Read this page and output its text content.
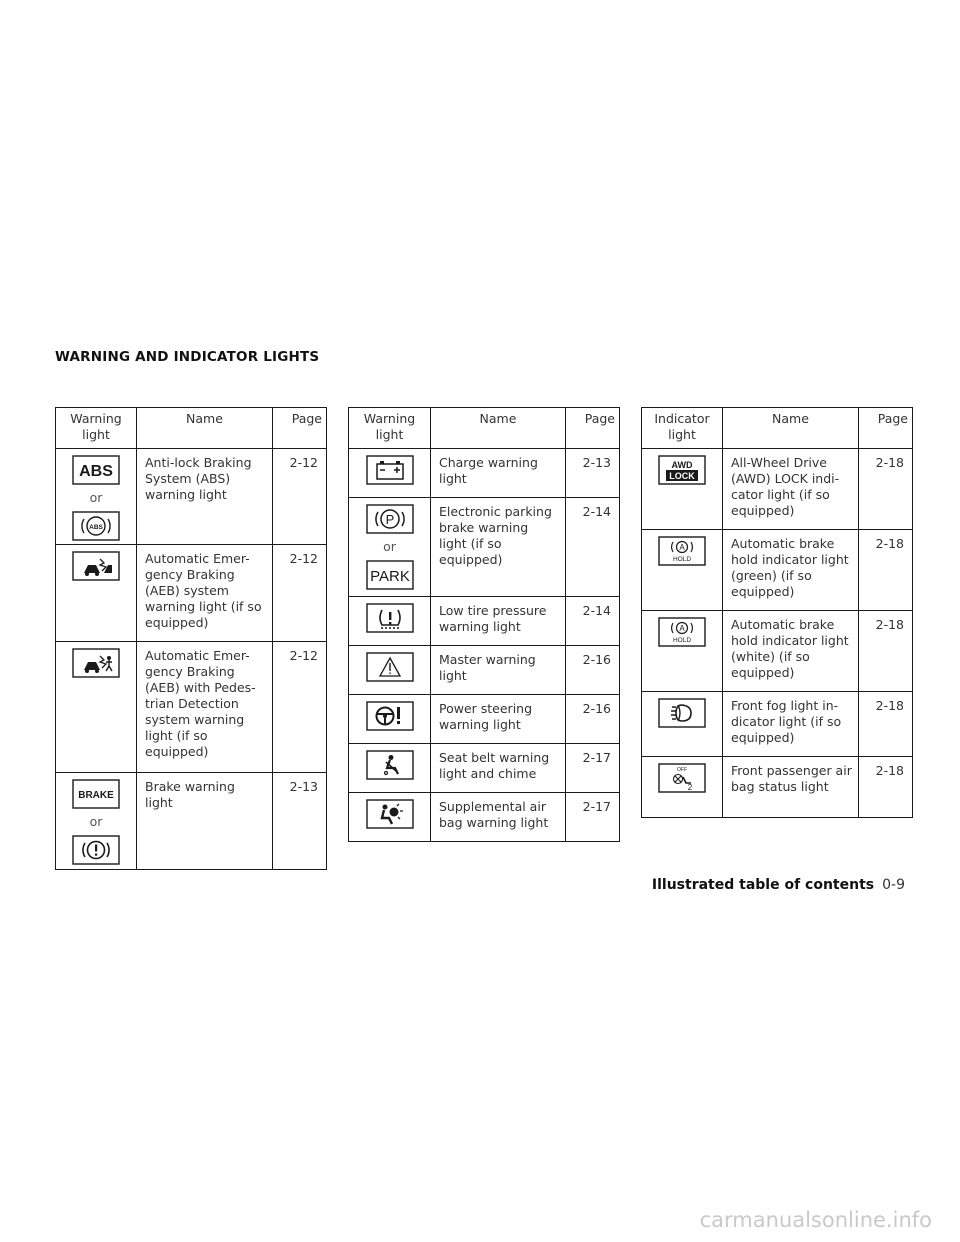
WARNING AND INDICATOR LIGHTS
Warning light	Name	Page

ABS
or
ABS	Anti-lock Braking System (ABS) warning light	2-12

	Automatic Emer- gency Braking (AEB) system warning light (if so equipped)	2-12

	Automatic Emer- gency Braking (AEB) with Pedes- trian Detection system warning light (if so equipped)	2-12

BRAKE
or	Brake warning light	2-13
Warning light	Name	Page

	Charge warning light	2-13

P
or
PARK	Electronic parking brake warning light (if so equipped)	2-14

	Low tire pressure warning light	2-14

	Master warning light	2-16

	Power steering warning light	2-16

	Seat belt warning light and chime	2-17

	Supplemental air bag warning light	2-17
Indicator light	Name	Page

AWD
LOCK	All-Wheel Drive (AWD) LOCK indi- cator light (if so equipped)	2-18

A
HOLD	Automatic brake hold indicator light (green) (if so equipped)	2-18

A
HOLD	Automatic brake hold indicator light (white) (if so equipped)	2-18

	Front fog light in- dicator light (if so equipped)	2-18

OFF
2	Front passenger air bag status light	2-18
Illustrated table of contents 0-9
carmanualsonline.info
